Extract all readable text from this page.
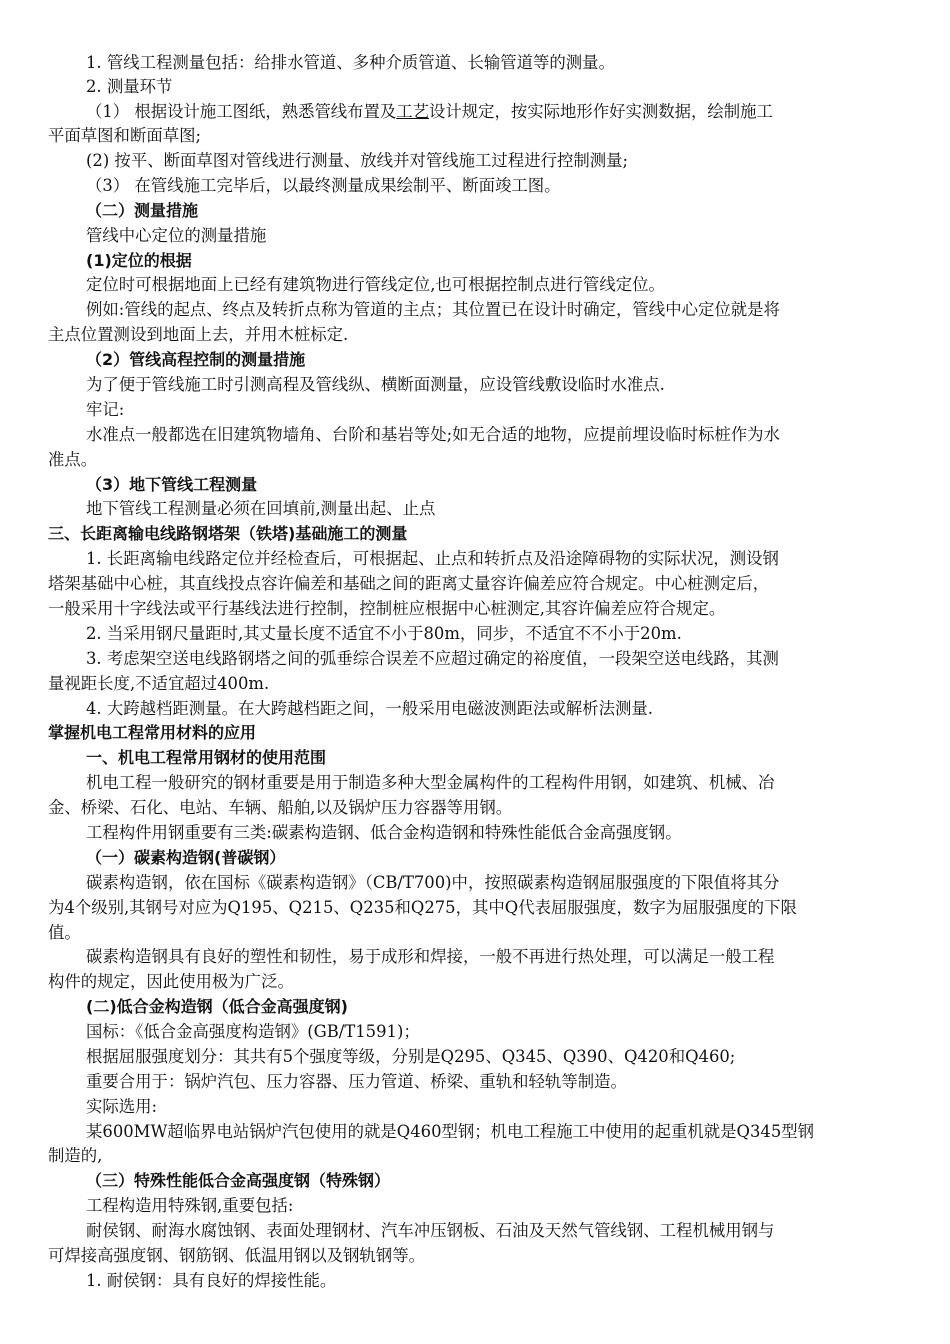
1. 管线工程测量包括：给排水管道、多种介质管道、长输管道等的测量。
2. 测量环节
（1） 根据设计施工图纸，熟悉管线布置及工艺设计规定，按实际地形作好实测数据，绘制施工
平面草图和断面草图;
(2) 按平、断面草图对管线进行测量、放线并对管线施工过程进行控制测量;
（3） 在管线施工完毕后，以最终测量成果绘制平、断面竣工图。
（二）测量措施
管线中心定位的测量措施
(1)定位的根据
定位时可根据地面上已经有建筑物进行管线定位,也可根据控制点进行管线定位。
例如:管线的起点、终点及转折点称为管道的主点；其位置已在设计时确定，管线中心定位就是将
主点位置测设到地面上去，并用木桩标定.
（2）管线高程控制的测量措施
为了便于管线施工时引测高程及管线纵、横断面测量，应设管线敷设临时水准点.
牢记:
水准点一般都选在旧建筑物墙角、台阶和基岩等处;如无合适的地物，应提前埋设临时标桩作为水
准点。
（3）地下管线工程测量
地下管线工程测量必须在回填前,测量出起、止点
三、长距离输电线路钢塔架（铁塔)基础施工的测量
1. 长距离输电线路定位并经检查后，可根据起、止点和转折点及沿途障碍物的实际状况，测设钢
塔架基础中心桩，其直线投点容许偏差和基础之间的距离丈量容许偏差应符合规定。中心桩测定后，
一般采用十字线法或平行基线法进行控制，控制桩应根据中心桩测定,其容许偏差应符合规定。
2. 当采用钢尺量距时,其丈量长度不适宜不小于80m，同步，不适宜不不小于20m.
3. 考虑架空送电线路钢塔之间的弧垂综合误差不应超过确定的裕度值，一段架空送电线路，其测
量视距长度,不适宜超过400m.
4. 大跨越档距测量。在大跨越档距之间，一般采用电磁波测距法或解析法测量.
掌握机电工程常用材料的应用
一、机电工程常用钢材的使用范围
机电工程一般研究的钢材重要是用于制造多种大型金属构件的工程构件用钢，如建筑、机械、冶
金、桥梁、石化、电站、车辆、船舶,以及锅炉压力容器等用钢。
工程构件用钢重要有三类:碳素构造钢、低合金构造钢和特殊性能低合金高强度钢。
（一）碳素构造钢(普碳钢）
碳素构造钢，依在国标《碳素构造钢》（CB/T700)中，按照碳素构造钢屈服强度的下限值将其分
为4个级别,其钢号对应为Q195、Q215、Q235和Q275，其中Q代表屈服强度，数字为屈服强度的下限
值。
碳素构造钢具有良好的塑性和韧性，易于成形和焊接，一般不再进行热处理，可以满足一般工程
构件的规定，因此使用极为广泛。
(二)低合金构造钢（低合金高强度钢)
国标：《低合金高强度构造钢》(GB/T1591)；
根据屈服强度划分：其共有5个强度等级，分别是Q295、Q345、Q390、Q420和Q460;
重要合用于：锅炉汽包、压力容器、压力管道、桥梁、重轨和轻轨等制造。
实际选用:
某600MW超临界电站锅炉汽包使用的就是Q460型钢；机电工程施工中使用的起重机就是Q345型钢
制造的,
（三）特殊性能低合金高强度钢（特殊钢）
工程构造用特殊钢,重要包括:
耐侯钢、耐海水腐蚀钢、表面处理钢材、汽车冲压钢板、石油及天然气管线钢、工程机械用钢与
可焊接高强度钢、钢筋钢、低温用钢以及钢轨钢等。
1. 耐侯钢：具有良好的焊接性能。
